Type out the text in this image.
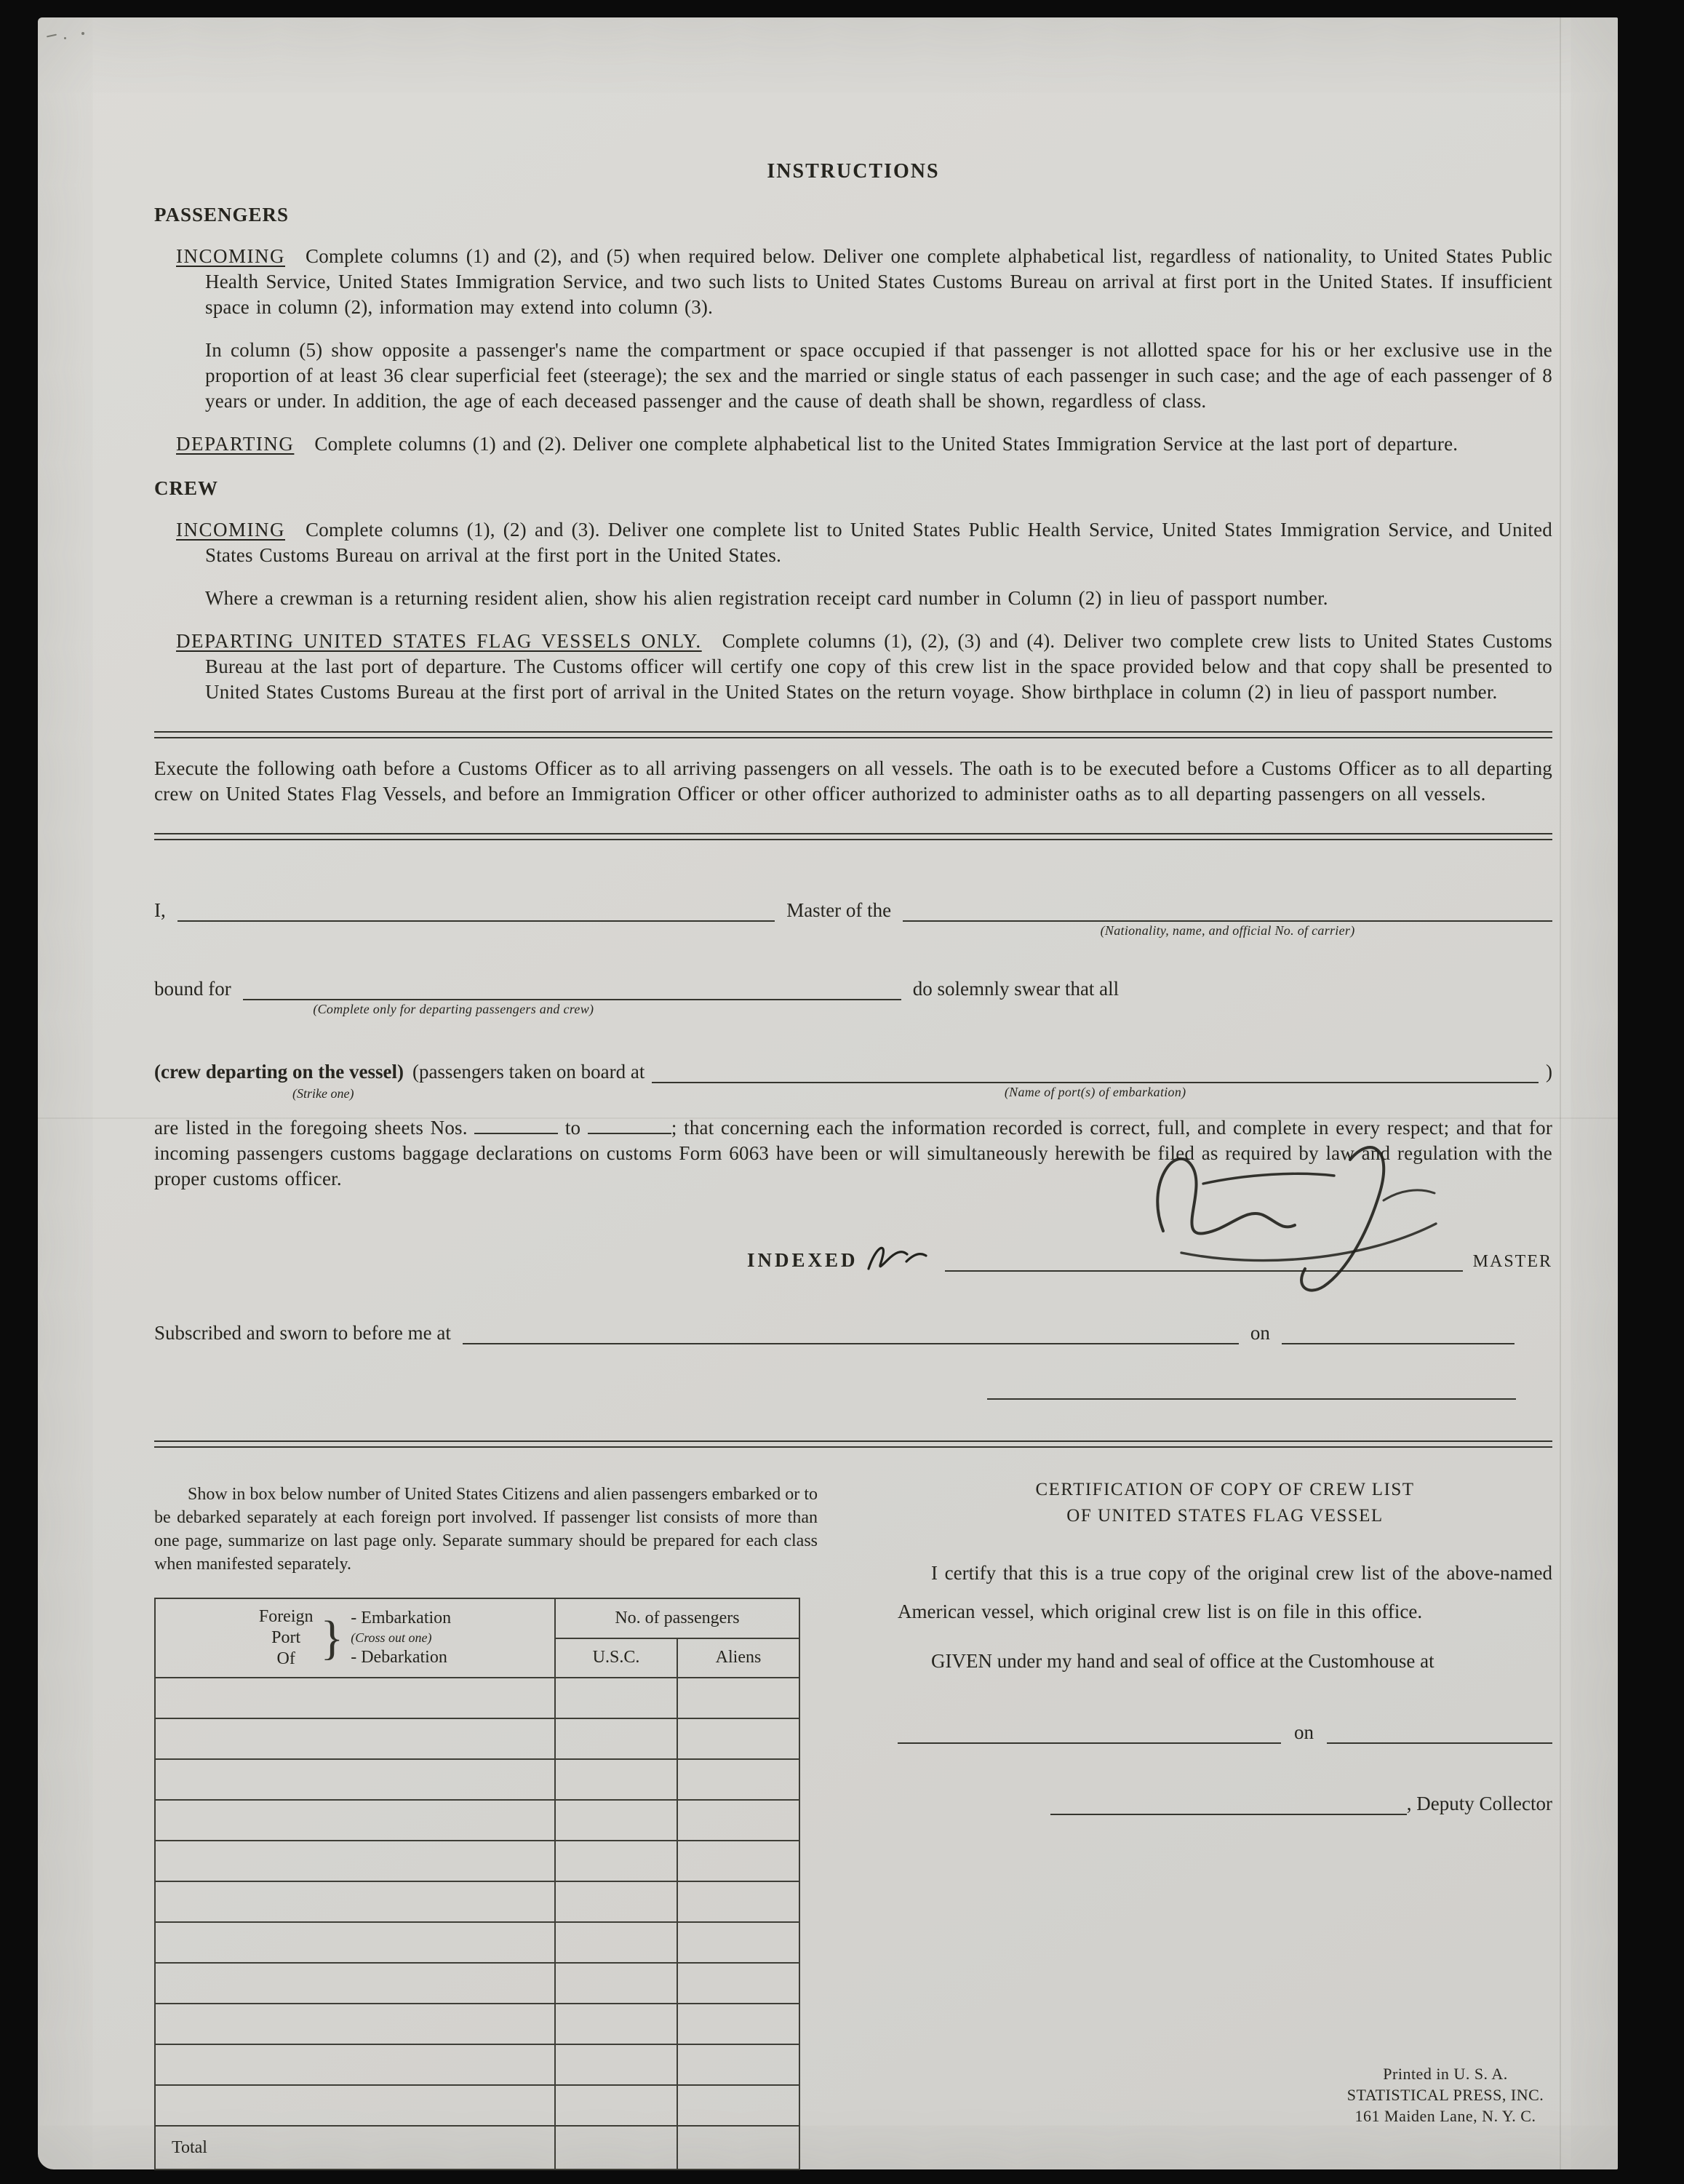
INSTRUCTIONS
PASSENGERS

INCOMING Complete columns (1) and (2), and (5) when required below. Deliver one complete alphabetical list, regardless of nationality, to United States Public Health Service, United States Immigration Service, and two such lists to United States Customs Bureau on arrival at first port in the United States. If insufficient space in column (2), information may extend into column (3).

In column (5) show opposite a passenger's name the compartment or space occupied if that passenger is not allotted space for his or her exclusive use in the proportion of at least 36 clear superficial feet (steerage); the sex and the married or single status of each passenger in such case; and the age of each passenger of 8 years or under. In addition, the age of each deceased passenger and the cause of death shall be shown, regardless of class.

DEPARTING Complete columns (1) and (2). Deliver one complete alphabetical list to the United States Immigration Service at the last port of departure.

CREW

INCOMING Complete columns (1), (2) and (3). Deliver one complete list to United States Public Health Service, United States Immigration Service, and United States Customs Bureau on arrival at the first port in the United States.

Where a crewman is a returning resident alien, show his alien registration receipt card number in Column (2) in lieu of passport number.

DEPARTING UNITED STATES FLAG VESSELS ONLY. Complete columns (1), (2), (3) and (4). Deliver two complete crew lists to United States Customs Bureau at the last port of departure. The Customs officer will certify one copy of this crew list in the space provided below and that copy shall be presented to United States Customs Bureau at the first port of arrival in the United States on the return voyage. Show birthplace in column (2) in lieu of passport number.

Execute the following oath before a Customs Officer as to all arriving passengers on all vessels. The oath is to be executed before a Customs Officer as to all departing crew on United States Flag Vessels, and before an Immigration Officer or other officer authorized to administer oaths as to all departing passengers on all vessels.

I,	Master of the
(Nationality, name, and official No. of carrier)
bound for
(Complete only for departing passengers and crew)
do solemnly swear that all
(crew departing on the vessel) (passengers taken on board at
(Name of port(s) of embarkation)
)
(Strike one)

are listed in the foregoing sheets Nos.	to	; that concerning each the information recorded is correct, full, and complete in every respect; and that for incoming passengers customs baggage declarations on customs Form 6063 have been or will simultaneously herewith be filed as required by law and regulation with the proper customs officer.

INDEXED	MASTER
Subscribed and sworn to before me at	on

Show in box below number of United States Citizens and alien passengers embarked or to be debarked separately at each foreign port involved. If passenger list consists of more than one page, summarize on last page only. Separate summary should be prepared for each class when manifested separately.

Foreign
Port
Of } - Embarkation
(Cross out one)
- Debarkation
	No. of passengers
	U.S.C.	Aliens

Total		
CERTIFICATION OF COPY OF CREW LIST
OF UNITED STATES FLAG VESSEL

I certify that this is a true copy of the original crew list of the above-named American vessel, which original crew list is on file in this office.

GIVEN under my hand and seal of office at the Customhouse at

on
, Deputy Collector
Printed in U. S. A.
STATISTICAL PRESS, INC.
161 Maiden Lane, N. Y. C.
